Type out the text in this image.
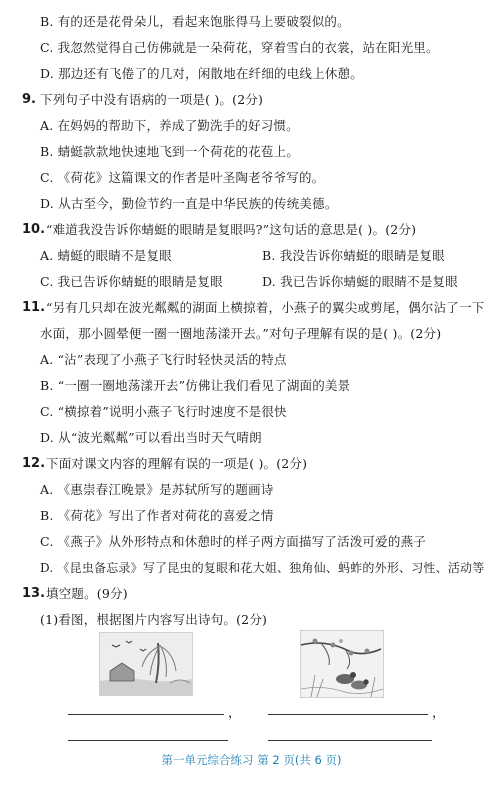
B. 有的还是花骨朵儿，看起来饱胀得马上要破裂似的。
C. 我忽然觉得自己仿佛就是一朵荷花，穿着雪白的衣裳，站在阳光里。
D. 那边还有飞倦了的几对，闲散地在纤细的电线上休憩。
9. 下列句子中没有语病的一项是( )。(2分)
A. 在妈妈的帮助下，养成了勤洗手的好习惯。
B. 蜻蜓款款地快速地飞到一个荷花的花苞上。
C. 《荷花》这篇课文的作者是叶圣陶老爷爷写的。
D. 从古至今，勤俭节约一直是中华民族的传统美德。
10. “难道我没告诉你蜻蜓的眼睛是复眼吗?”这句话的意思是( )。(2分)
A. 蜻蜓的眼睛不是复眼	B. 我没告诉你蜻蜓的眼睛是复眼
C. 我已告诉你蜻蜓的眼睛是复眼	D. 我已告诉你蜻蜓的眼睛不是复眼
11. “另有几只却在波光粼粼的湖面上横掠着，小燕子的翼尖或剪尾，偶尔沾了一下
水面，那小圆晕便一圈一圈地荡漾开去。”对句子理解有误的是( )。(2分)
A. “沾”表现了小燕子飞行时轻快灵活的特点
B. “一圈一圈地荡漾开去”仿佛让我们看见了湖面的美景
C. “横掠着”说明小燕子飞行时速度不是很快
D. 从“波光粼粼”可以看出当时天气晴朗
12. 下面对课文内容的理解有误的一项是( )。(2分)
A. 《惠崇春江晚景》是苏轼所写的题画诗
B. 《荷花》写出了作者对荷花的喜爱之情
C. 《燕子》从外形特点和休憩时的样子两方面描写了活泼可爱的燕子
D. 《昆虫备忘录》写了昆虫的复眼和花大姐、独角仙、蚂蚱的外形、习性、活动等
13. 填空题。(9分)
(1)看图，根据图片内容写出诗句。(2分)
，	，
第一单元综合练习 第 2 页(共 6 页)
